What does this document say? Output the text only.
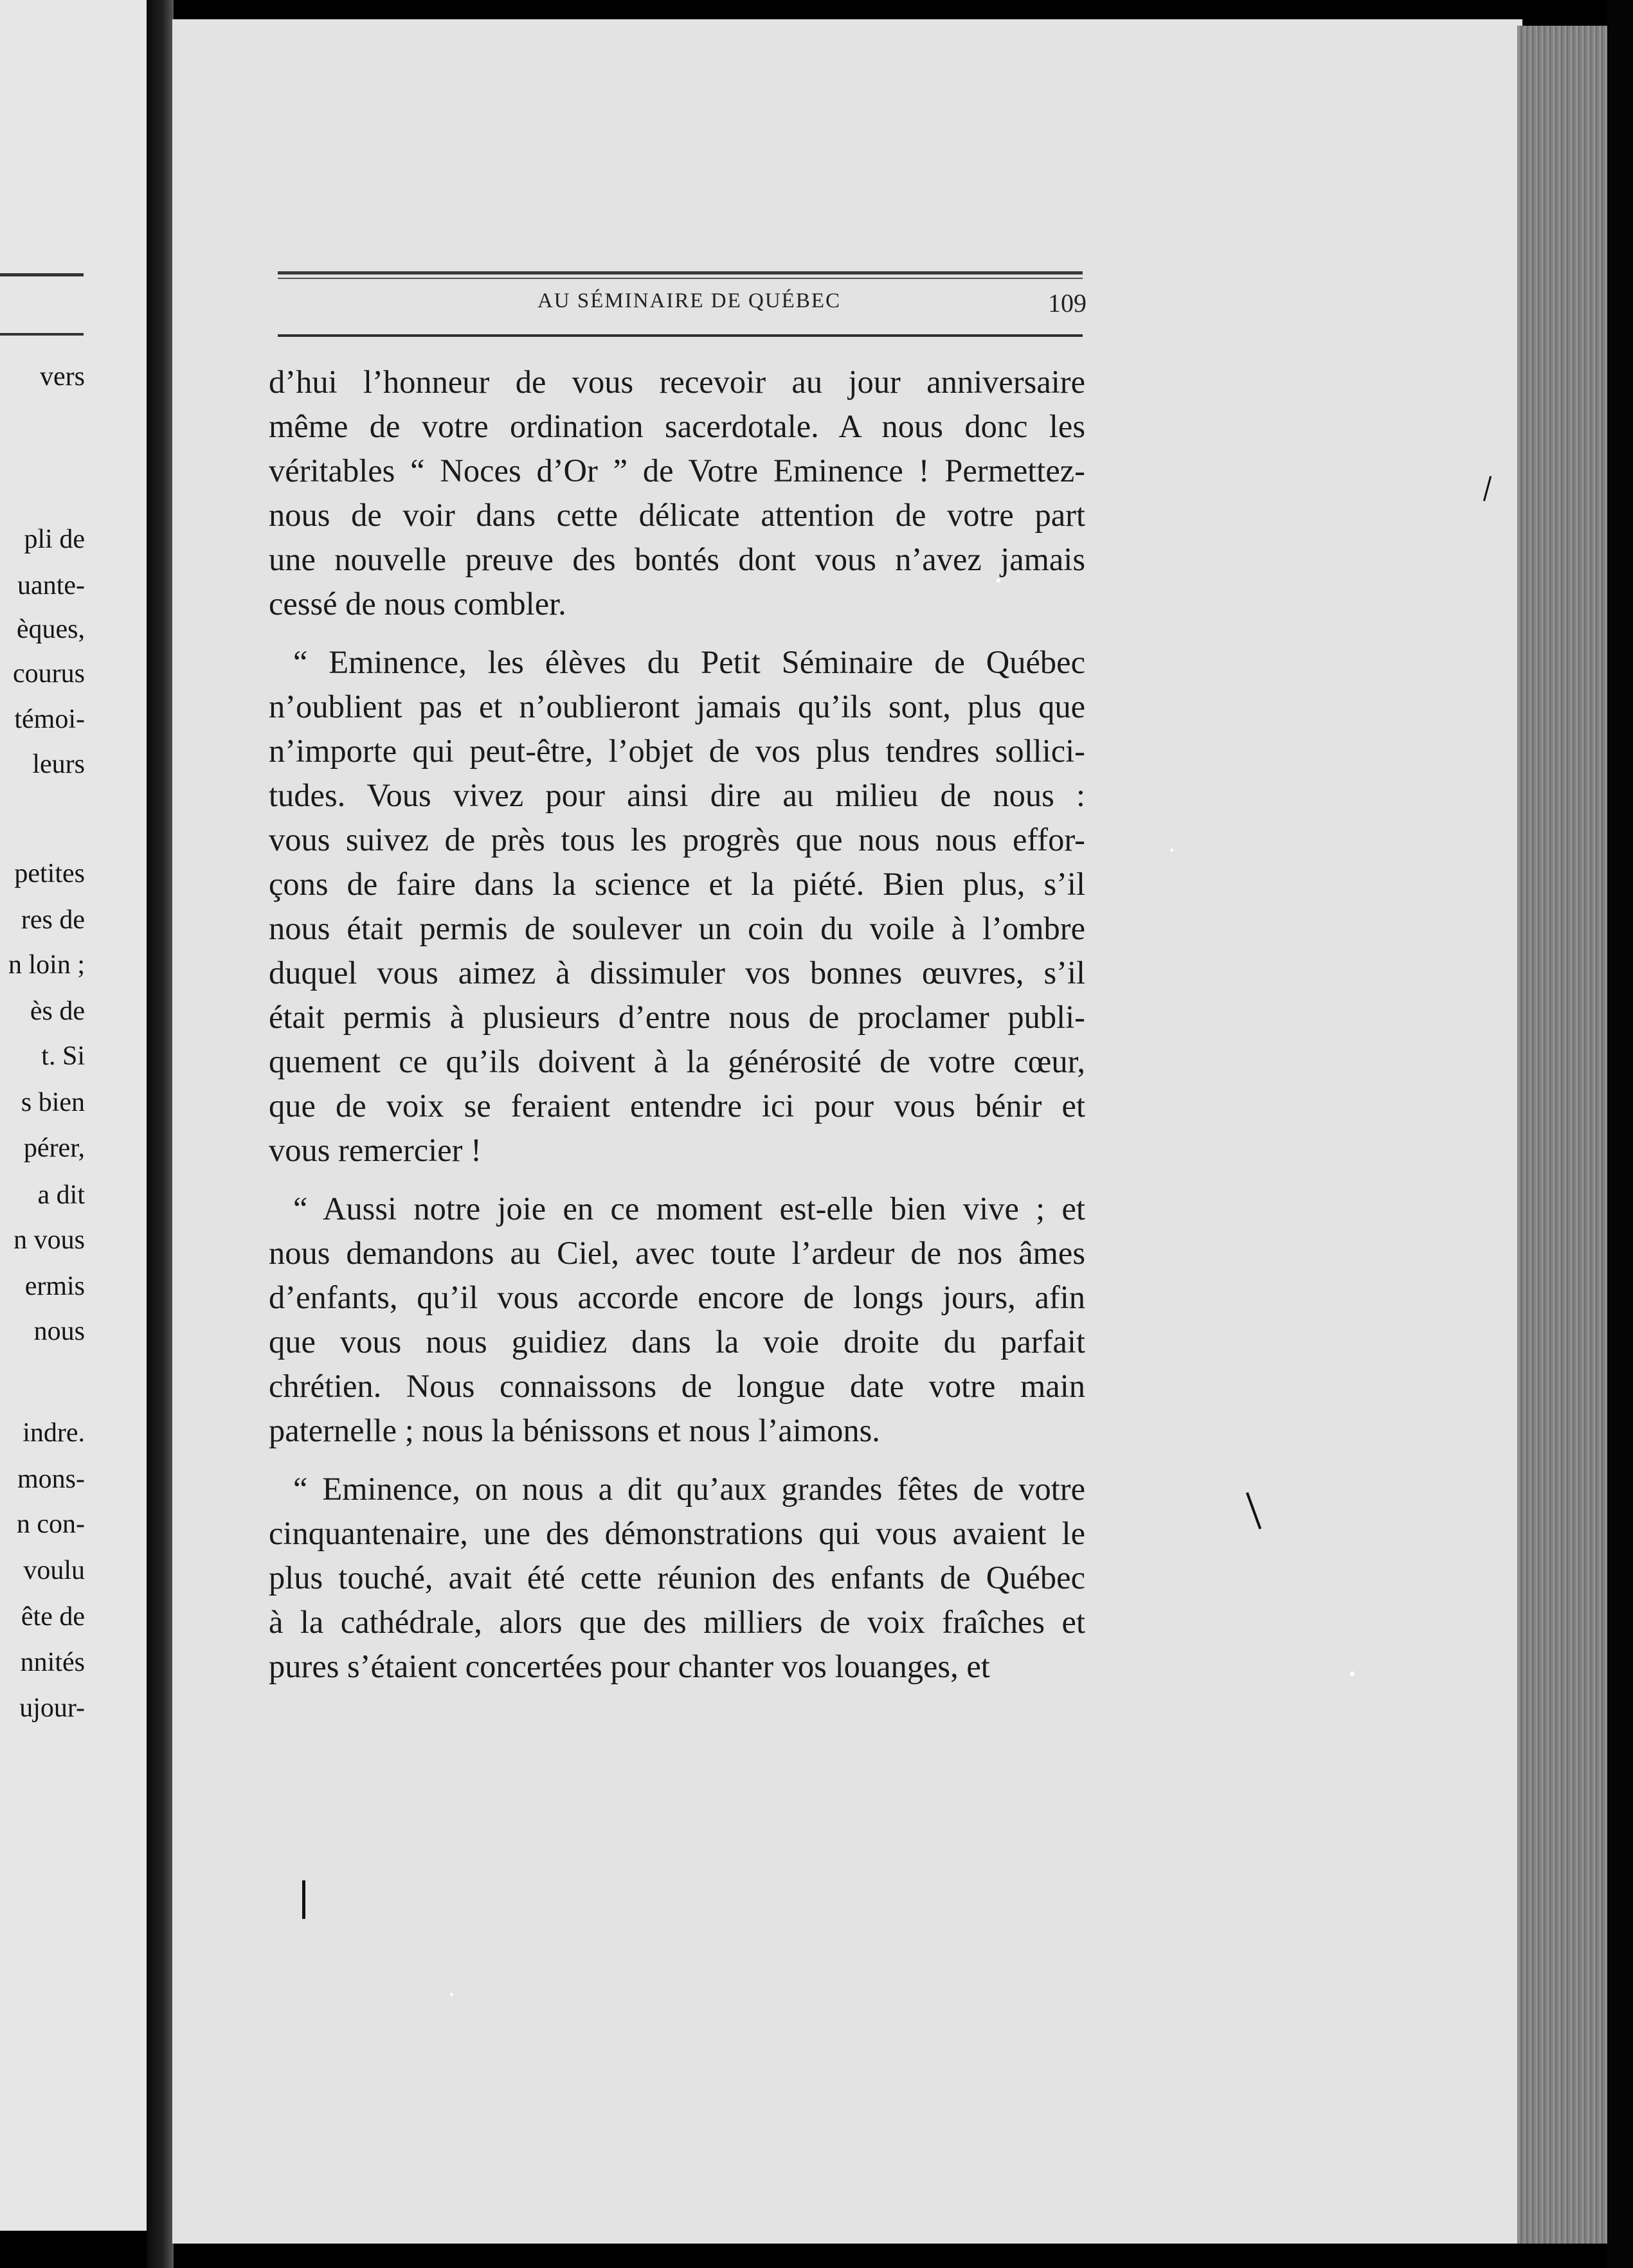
vers
pli de
uante-
èques,
courus
témoi-
leurs
petites
res de
n loin ;
ès de
t. Si
s bien
pérer,
a dit
n vous
ermis
nous
indre.
mons-
n con-
voulu
ête de
nnités
ujour-
AU SÉMINAIRE DE QUÉBEC	109
d’hui l’honneur de vous recevoir au jour anniversaire
même de votre ordination sacerdotale. A nous donc les
véritables “ Noces d’Or ” de Votre Eminence ! Permettez-
nous de voir dans cette délicate attention de votre part
une nouvelle preuve des bontés dont vous n’avez jamais
cessé de nous combler.
“ Eminence, les élèves du Petit Séminaire de Québec
n’oublient pas et n’oublieront jamais qu’ils sont, plus que
n’importe qui peut-être, l’objet de vos plus tendres sollici-
tudes. Vous vivez pour ainsi dire au milieu de nous :
vous suivez de près tous les progrès que nous nous effor-
çons de faire dans la science et la piété. Bien plus, s’il
nous était permis de soulever un coin du voile à l’ombre
duquel vous aimez à dissimuler vos bonnes œuvres, s’il
était permis à plusieurs d’entre nous de proclamer publi-
quement ce qu’ils doivent à la générosité de votre cœur,
que de voix se feraient entendre ici pour vous bénir et
vous remercier !
“ Aussi notre joie en ce moment est-elle bien vive ; et
nous demandons au Ciel, avec toute l’ardeur de nos âmes
d’enfants, qu’il vous accorde encore de longs jours, afin
que vous nous guidiez dans la voie droite du parfait
chrétien. Nous connaissons de longue date votre main
paternelle ; nous la bénissons et nous l’aimons.
“ Eminence, on nous a dit qu’aux grandes fêtes de votre
cinquantenaire, une des démonstrations qui vous avaient le
plus touché, avait été cette réunion des enfants de Québec
à la cathédrale, alors que des milliers de voix fraîches et
pures s’étaient concertées pour chanter vos louanges, et
